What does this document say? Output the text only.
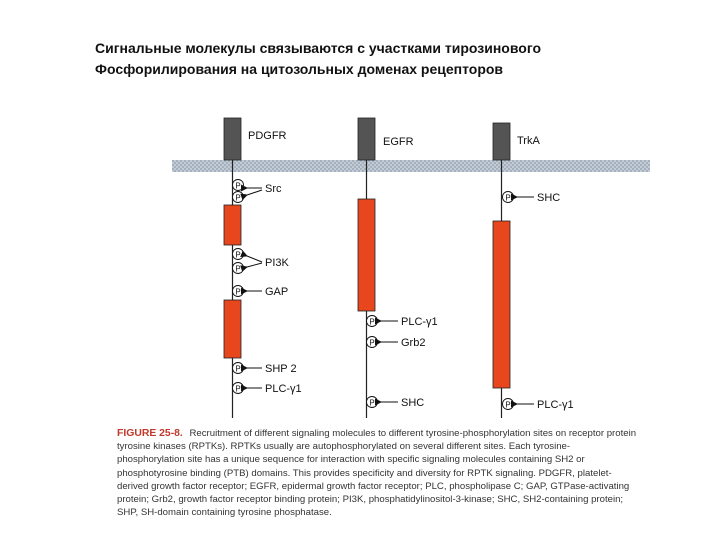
Сигнальные молекулы связываются с участками тирозинового
Фосфорилирования на цитозольных доменах рецепторов
PDGFR
P Src
P
P
PI3K
P
P GAP
P SHP 2
P PLC-γ1
EGFR
P PLC-γ1
P Grb2
P SHC
TrkA
P SHC
P PLC-γ1
FIGURE 25-8. Recruitment of different signaling molecules to different tyrosine-phosphorylation sites on receptor protein tyrosine kinases (RPTKs). RPTKs usually are autophosphorylated on several different sites. Each tyrosine-phosphorylation site has a unique sequence for interaction with specific signaling molecules containing SH2 or phosphotyrosine binding (PTB) domains. This provides specificity and diversity for RPTK signaling. PDGFR, platelet-derived growth factor receptor; EGFR, epidermal growth factor receptor; PLC, phospholipase C; GAP, GTPase-activating protein; Grb2, growth factor receptor binding protein; PI3K, phosphatidylinositol-3-kinase; SHC, SH2-containing protein; SHP, SH-domain containing tyrosine phosphatase.
